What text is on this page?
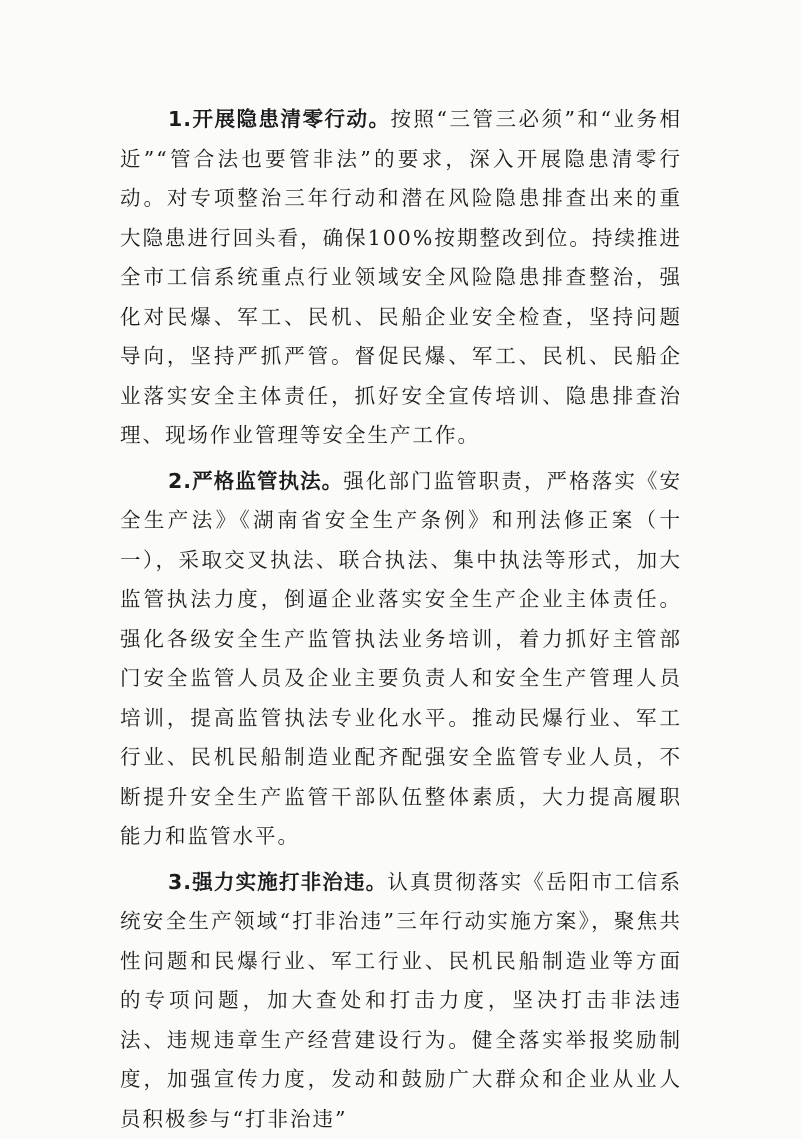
1.开展隐患清零行动。按照“三管三必须”和“业务相近”“管合法也要管非法”的要求，深入开展隐患清零行动。对专项整治三年行动和潜在风险隐患排查出来的重大隐患进行回头看，确保100%按期整改到位。持续推进全市工信系统重点行业领域安全风险隐患排查整治，强化对民爆、军工、民机、民船企业安全检查，坚持问题导向，坚持严抓严管。督促民爆、军工、民机、民船企业落实安全主体责任，抓好安全宣传培训、隐患排查治理、现场作业管理等安全生产工作。

2.严格监管执法。强化部门监管职责，严格落实《安全生产法》《湖南省安全生产条例》和刑法修正案（十一），采取交叉执法、联合执法、集中执法等形式，加大监管执法力度，倒逼企业落实安全生产企业主体责任。强化各级安全生产监管执法业务培训，着力抓好主管部门安全监管人员及企业主要负责人和安全生产管理人员培训，提高监管执法专业化水平。推动民爆行业、军工行业、民机民船制造业配齐配强安全监管专业人员，不断提升安全生产监管干部队伍整体素质，大力提高履职能力和监管水平。

3.强力实施打非治违。认真贯彻落实《岳阳市工信系统安全生产领域“打非治违”三年行动实施方案》，聚焦共性问题和民爆行业、军工行业、民机民船制造业等方面的专项问题，加大查处和打击力度，坚决打击非法违法、违规违章生产经营建设行为。健全落实举报奖励制度，加强宣传力度，发动和鼓励广大群众和企业从业人员积极参与“打非治违”
